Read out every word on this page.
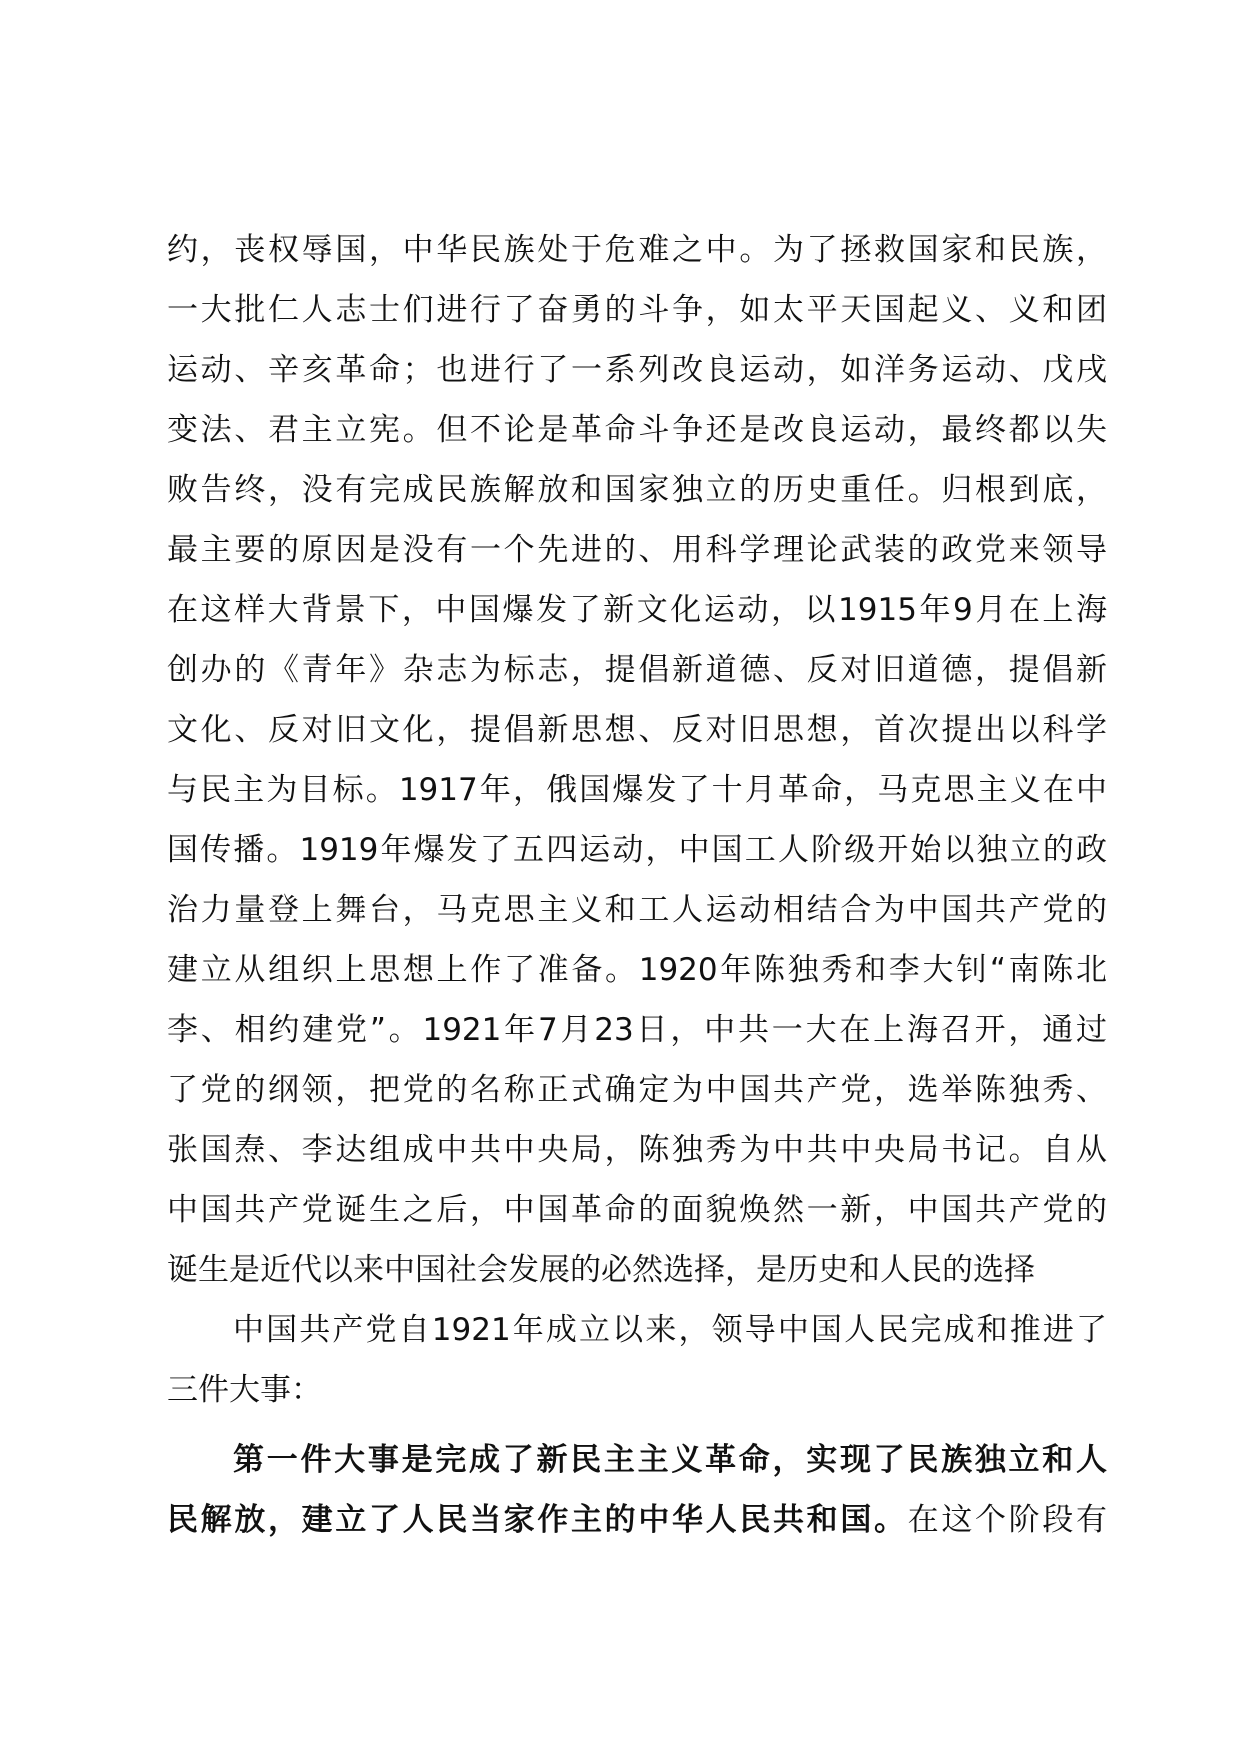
约，丧权辱国，中华民族处于危难之中。为了拯救国家和民族，
一大批仁人志士们进行了奋勇的斗争，如太平天国起义、义和团
运动、辛亥革命；也进行了一系列改良运动，如洋务运动、戊戌
变法、君主立宪。但不论是革命斗争还是改良运动，最终都以失
败告终，没有完成民族解放和国家独立的历史重任。归根到底，
最主要的原因是没有一个先进的、用科学理论武装的政党来领导
在这样大背景下，中国爆发了新文化运动，以1915年9月在上海
创办的《青年》杂志为标志，提倡新道德、反对旧道德，提倡新
文化、反对旧文化，提倡新思想、反对旧思想，首次提出以科学
与民主为目标。1917年，俄国爆发了十月革命，马克思主义在中
国传播。1919年爆发了五四运动，中国工人阶级开始以独立的政
治力量登上舞台，马克思主义和工人运动相结合为中国共产党的
建立从组织上思想上作了准备。1920年陈独秀和李大钊“南陈北
李、相约建党”。1921年7月23日，中共一大在上海召开，通过
了党的纲领，把党的名称正式确定为中国共产党，选举陈独秀、
张国焘、李达组成中共中央局，陈独秀为中共中央局书记。自从
中国共产党诞生之后，中国革命的面貌焕然一新，中国共产党的
诞生是近代以来中国社会发展的必然选择，是历史和人民的选择
中国共产党自1921年成立以来，领导中国人民完成和推进了
三件大事：
第一件大事是完成了新民主主义革命，实现了民族独立和人
民解放，建立了人民当家作主的中华人民共和国。在这个阶段有
